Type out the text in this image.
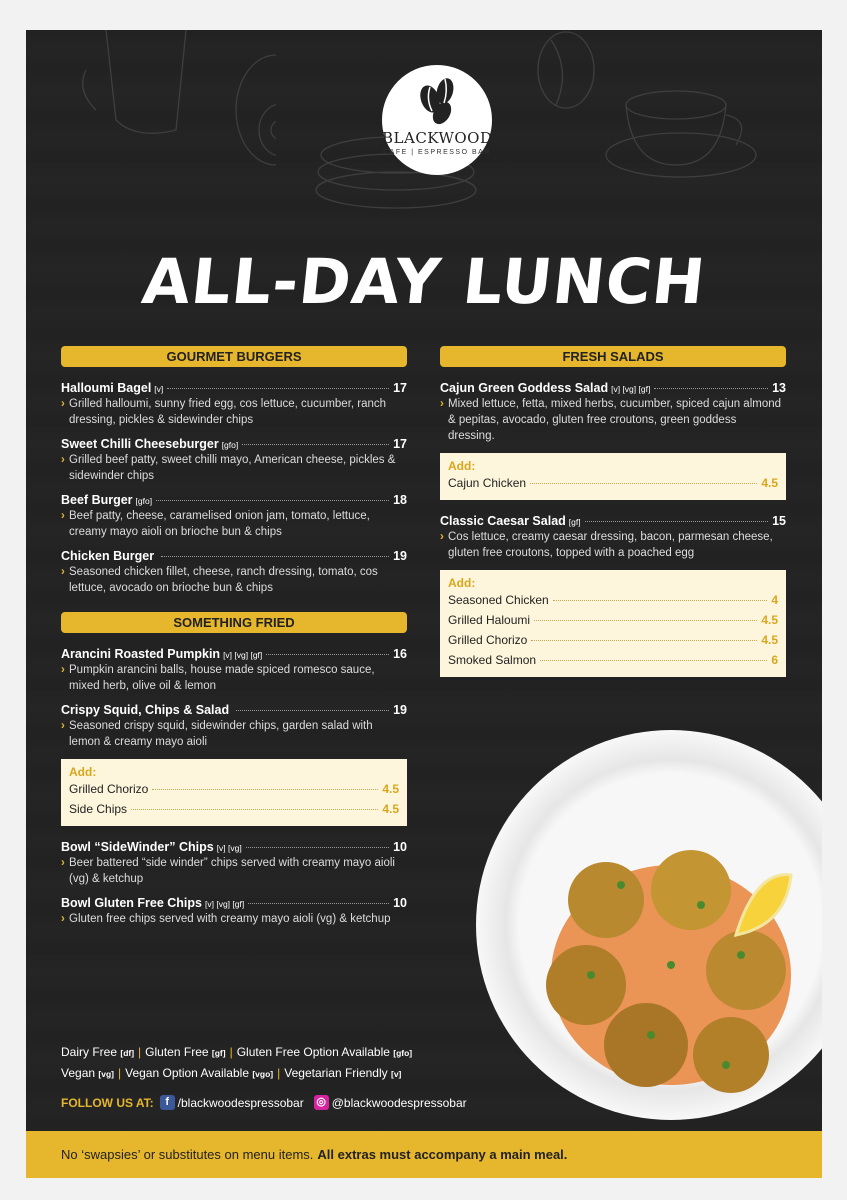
BLACKWOOD
CAFE | ESPRESSO BAR
ALL-DAY LUNCH
GOURMET BURGERS
Halloumi Bagel [v]	17
› Grilled halloumi, sunny fried egg, cos lettuce, cucumber, ranch dressing, pickles & sidewinder chips
Sweet Chilli Cheeseburger [gfo]	17
› Grilled beef patty, sweet chilli mayo, American cheese, pickles & sidewinder chips
Beef Burger [gfo]	18
› Beef patty, cheese, caramelised onion jam, tomato, lettuce, creamy mayo aioli on brioche bun & chips
Chicken Burger	19
› Seasoned chicken fillet, cheese, ranch dressing, tomato, cos lettuce, avocado on brioche bun & chips
SOMETHING FRIED
Arancini Roasted Pumpkin [v] [vg] [gf]	16
› Pumpkin arancini balls, house made spiced romesco sauce, mixed herb, olive oil & lemon
Crispy Squid, Chips & Salad	19
› Seasoned crispy squid, sidewinder chips, garden salad with lemon & creamy mayo aioli
Add:
Grilled Chorizo	4.5
Side Chips	4.5
Bowl “SideWinder” Chips [v] [vg]	10
› Beer battered “side winder” chips served with creamy mayo aioli (vg) & ketchup
Bowl Gluten Free Chips [v] [vg] [gf]	10
› Gluten free chips served with creamy mayo aioli (vg) & ketchup
FRESH SALADS
Cajun Green Goddess Salad [v] [vg] [gf]	13
› Mixed lettuce, fetta, mixed herbs, cucumber, spiced cajun almond & pepitas, avocado, gluten free croutons, green goddess dressing.
Add:
Cajun Chicken	4.5
Classic Caesar Salad [gf]	15
› Cos lettuce, creamy caesar dressing, bacon, parmesan cheese, gluten free croutons, topped with a poached egg
Add:
Seasoned Chicken	4
Grilled Haloumi	4.5
Grilled Chorizo	4.5
Smoked Salmon	6
Dairy Free [df] | Gluten Free [gf] | Gluten Free Option Available [gfo]
Vegan [vg] | Vegan Option Available [vgo] | Vegetarian Friendly [v]
FOLLOW US AT:	f /blackwoodespressobar ◎ @blackwoodespressobar
No ‘swapsies’ or substitutes on menu items. All extras must accompany a main meal.
